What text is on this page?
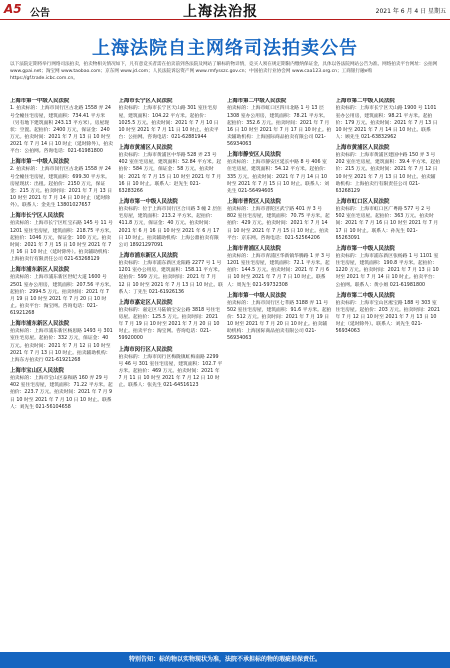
A5 公告	上海法治报	2021 年 6 月 4 日 星期五
上海法院自主网络司法拍卖公告
以下法院定期将举行网络司法拍卖，拍卖物相关情况如下，凡有意竞买者需在拍卖前到各法院及网站了解标的物详情，竞买人须在规定期限内缴纳保证金，具体以各法院网站公告为准。网络拍卖平台网址：公拍网 www.gpai.net；淘宝网 www.taobao.com；京东网 www.jd.com；人民法院诉讼资产网 www.rmfysszc.gov.cn；中国拍卖行业协会网 www.caa123.org.cn；工商银行融e购 https://gf.trade.icbc.com.cn。
上海市第一中级人民法院
1. 拍卖标的：上海市闵行区古北路 1558 弄 24 号全幢住宅房屋，建筑面积：734.41 平方米（另有地下建筑面积 243.13 平方米）。房屋现状：空置。起拍价：2400 万元，保证金：240 万元。拍卖时间：2021 年 7 月 13 日 10 时至 2021 年 7 月 14 日 10 时止（延时除外）。拍卖平台：公拍网。咨询电话：021-61981800
上海市第一中级人民法院
2. 拍卖标的：上海市闵行区古北路 1558 弄 24 号全幢住宅房屋，建筑面积：699.30 平方米。房屋现状：出租。起拍价：2150 万元，保证金：215 万元。拍卖时间：2021 年 7 月 13 日 10 时至 2021 年 7 月 14 日 10 时止（延时除外）。联系人：金先生 13801027657
上海市长宁区人民法院
拍卖标的：上海市长宁区红宝石路 145 号 11 号 1201 室住宅房屋，建筑面积：218.75 平方米。起拍价：1046 万元，保证金：100 万元。拍卖时间：2021 年 7 月 15 日 10 时至 2021 年 7 月 16 日 10 时止（延时除外）。拍卖辅助机构：上海拍卖行有限责任公司 021-63268129
上海市浦东新区人民法院
拍卖标的：上海市浦东新区世纪大道 1600 号 2501 室办公用房，建筑面积：207.56 平方米。起拍价：2994.5 万元。拍卖时间：2021 年 7 月 19 日 10 时至 2021 年 7 月 20 日 10 时止。拍卖平台：淘宝网。咨询电话：021-61921268
上海市浦东新区人民法院
拍卖标的：上海市浦东新区杨思路 1493 号 301 室住宅房屋。起拍价：332 万元，保证金：40 万元。拍卖时间：2021 年 7 月 12 日 10 时至 2021 年 7 月 13 日 10 时止。拍卖辅助机构：上海东方拍卖行 021-61921268
上海市宝山区人民法院
拍卖标的：上海市宝山区泰和路 160 弄 29 号 402 室住宅房屋，建筑面积：71.22 平方米。起拍价：223.7 万元。拍卖时间：2021 年 7 月 9 日 10 时至 2021 年 7 月 10 日 10 时止。联系人：刘先生 021-56104658
上海市长宁区人民法院
拍卖标的：上海市长宁区天山路 301 室住宅房屋，建筑面积：104.22 平方米。起拍价：1025.5 万元。拍卖时间：2021 年 7 月 10 日 10 时至 2021 年 7 月 11 日 10 时止。拍卖平台：公拍网。咨询电话：021-62881944
上海市黄浦区人民法院
拍卖标的：上海市黄浦区中华路 528 弄 23 号 402 室住宅房屋，建筑面积：52.84 平方米。起拍价：584 万元，保证金：58 万元。拍卖时间：2021 年 7 月 15 日 10 时至 2021 年 7 月 16 日 10 时止。联系人：赵先生 021-63283266
上海市第一中级人民法院
拍卖标的：位于上海市闵行区合川路 3 幢 2 层住宅房屋，建筑面积：213.2 平方米。起拍价：411.8 万元，保证金：40 万元。拍卖时间：2021 年 6 月 16 日 10 时至 2021 年 6 月 17 日 10 时止。拍卖辅助机构：上海公鼎拍卖有限公司 18921297091
上海市浦东新区人民法院
拍卖标的：上海市浦东新区龙阳路 2277 号 1 号 1201 室办公用房，建筑面积：158.11 平方米。起拍价：599 万元。拍卖时间：2021 年 7 月 12 日 10 时至 2021 年 7 月 13 日 10 时止。联系人：丁先生 021-61926136
上海市嘉定区人民法院
拍卖标的：嘉定区马陆镇宝安公路 3818 号住宅房屋。起拍价：125.5 万元。拍卖时间：2021 年 7 月 19 日 10 时至 2021 年 7 月 20 日 10 时止。拍卖平台：淘宝网。咨询电话：021-59920000
上海市闵行区人民法院
拍卖标的：上海市闵行区梅陇镇虹梅南路 2299 号 46 号 301 室住宅房屋，建筑面积：102.7 平方米。起拍价：469 万元。拍卖时间：2021 年 7 月 11 日 10 时至 2021 年 7 月 12 日 10 时止。联系人：张先生 021-64516123
上海市第二中级人民法院
拍卖标的：上海市虹口区四川北路 1 号 13 层 1308 室办公用房，建筑面积：78.21 平方米。起拍价：352.6 万元。拍卖时间：2021 年 7 月 16 日 10 时至 2021 年 7 月 17 日 10 时止。拍卖辅助机构：上海国际商品拍卖有限公司 021-56934063
上海市静安区人民法院
拍卖标的：上海市静安区延长中路 8 号 406 室住宅房屋，建筑面积：54.12 平方米。起拍价：335 万元。拍卖时间：2021 年 7 月 14 日 10 时至 2021 年 7 月 15 日 10 时止。联系人：刘先生 021-56494605
上海市普陀区人民法院
拍卖标的：上海市普陀区武宁路 401 弄 3 号 802 室住宅房屋，建筑面积：70.75 平方米。起拍价：429 万元。拍卖时间：2021 年 7 月 14 日 10 时至 2021 年 7 月 15 日 10 时止。拍卖平台：京东网。咨询电话：021-52564206
上海市青浦区人民法院
拍卖标的：上海市青浦区华新镇华腾路 1 弄 3 号 1201 室住宅房屋，建筑面积：72.1 平方米。起拍价：144.5 万元。拍卖时间：2021 年 7 月 6 日 10 时至 2021 年 7 月 7 日 10 时止。联系人：周先生 021-59732308
上海市第一中级人民法院
拍卖标的：上海市闵行区七莘路 3188 弄 11 号 502 室住宅房屋，建筑面积：91.6 平方米。起拍价：512 万元。拍卖时间：2021 年 7 月 19 日 10 时至 2021 年 7 月 20 日 10 时止。拍卖辅助机构：上海国际商品拍卖有限公司 021-56934063
上海市第二中级人民法院
拍卖标的：上海市长宁区天山路 1900 号 1101 室办公用房，建筑面积：98.21 平方米。起拍价：179 万元。拍卖时间：2021 年 7 月 13 日 10 时至 2021 年 7 月 14 日 10 时止。联系人：顾先生 021-63832962
上海市黄浦区人民法院
拍卖标的：上海市黄浦区建国中路 150 弄 3 号 202 室住宅房屋，建筑面积：39.4 平方米。起拍价：215 万元。拍卖时间：2021 年 7 月 12 日 10 时至 2021 年 7 月 13 日 10 时止。拍卖辅助机构：上海拍卖行有限责任公司 021-63268129
上海市虹口区人民法院
拍卖标的：上海市虹口区广粤路 577 号 2 号 502 室住宅房屋。起拍价：363 万元。拍卖时间：2021 年 7 月 16 日 10 时至 2021 年 7 月 17 日 10 时止。联系人：孙先生 021-65263091
上海市第一中级人民法院
拍卖标的：上海市浦东新区张杨路 1 号 1101 室住宅房屋，建筑面积：190.8 平方米。起拍价：1220 万元。拍卖时间：2021 年 7 月 13 日 10 时至 2021 年 7 月 14 日 10 时止。拍卖平台：公拍网。联系人：黄小姐 021-61981800
上海市第二中级人民法院
拍卖标的：上海市宝山区淞宝路 188 号 303 室住宅房屋。起拍价：203 万元。拍卖时间：2021 年 7 月 12 日 10 时至 2021 年 7 月 13 日 10 时止（延时除外）。联系人：刘先生 021-56934063
特别告知：标的物以实物现状为准，法院不承担标的物的瑕疵担保责任。
